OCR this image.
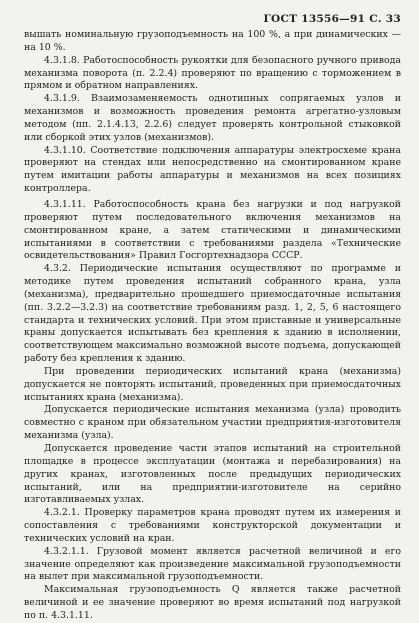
ГОСТ 13556—91 С. 33

вышать номинальную грузоподъемность на 100 %, а при динамических — на 10 %.

4.3.1.8. Работоспособность рукоятки для безопасного ручного привода механизма поворота (п. 2.2.4) проверяют по вращению с торможением в прямом и обратном направлениях.

4.3.1.9. Взаимозаменяемость однотипных сопрягаемых узлов и механизмов и возможность проведения ремонта агрегатно-узловым методом (пп. 2.1.4.13, 2.2.6) следует проверять контрольной стыковкой или сборкой этих узлов (механизмов).

4.3.1.10. Соответствие подключения аппаратуры электросхеме крана проверяют на стендах или непосредственно на смонтированном кране путем имитации работы аппаратуры и механизмов на всех позициях контроллера.

4.3.1.11. Работоспособность крана без нагрузки и под нагрузкой проверяют путем последовательного включения механизмов на смонтированном кране, а затем статическими и динамическими испытаниями в соответствии с требованиями раздела «Технические освидетельствования» Правил Госгортехнадзора СССР.

4.3.2. Периодические испытания осуществляют по программе и методике путем проведения испытаний собранного крана, узла (механизма), предварительно прошедшего приемосдаточные испытания (пп. 3.2.2—3.2.3) на соответствие требованиям разд. 1, 2, 5, 6 настоящего стандарта и технических условий. При этом приставные и универсальные краны допускается испытывать без крепления к зданию в исполнении, соответствующем максимально возможной высоте подъема, допускающей работу без крепления к зданию.

При проведении периодических испытаний крана (механизма) допускается не повторять испытаний, проведенных при приемосдаточных испытаниях крана (механизма).

Допускается периодические испытания механизма (узла) проводить совместно с краном при обязательном участии предприятия-изготовителя механизма (узла).

Допускается проведение части этапов испытаний на строительной площадке в процессе эксплуатации (монтажа и перебазирования) на других кранах, изготовленных после предыдущих периодических испытаний, или на предприятии-изготовителе на серийно изготавливаемых узлах.

4.3.2.1. Проверку параметров крана проводят путем их измерения и сопоставления с требованиями конструкторской документации и технических условий на кран.

4.3.2.1.1. Грузовой момент является расчетной величиной и его значение определяют как произведение максимальной грузоподъемности на вылет при максимальной грузоподъемности.

Максимальная грузоподъемность Q является также расчетной величиной и ее значение проверяют во время испытаний под нагрузкой по п. 4.3.1.11.
